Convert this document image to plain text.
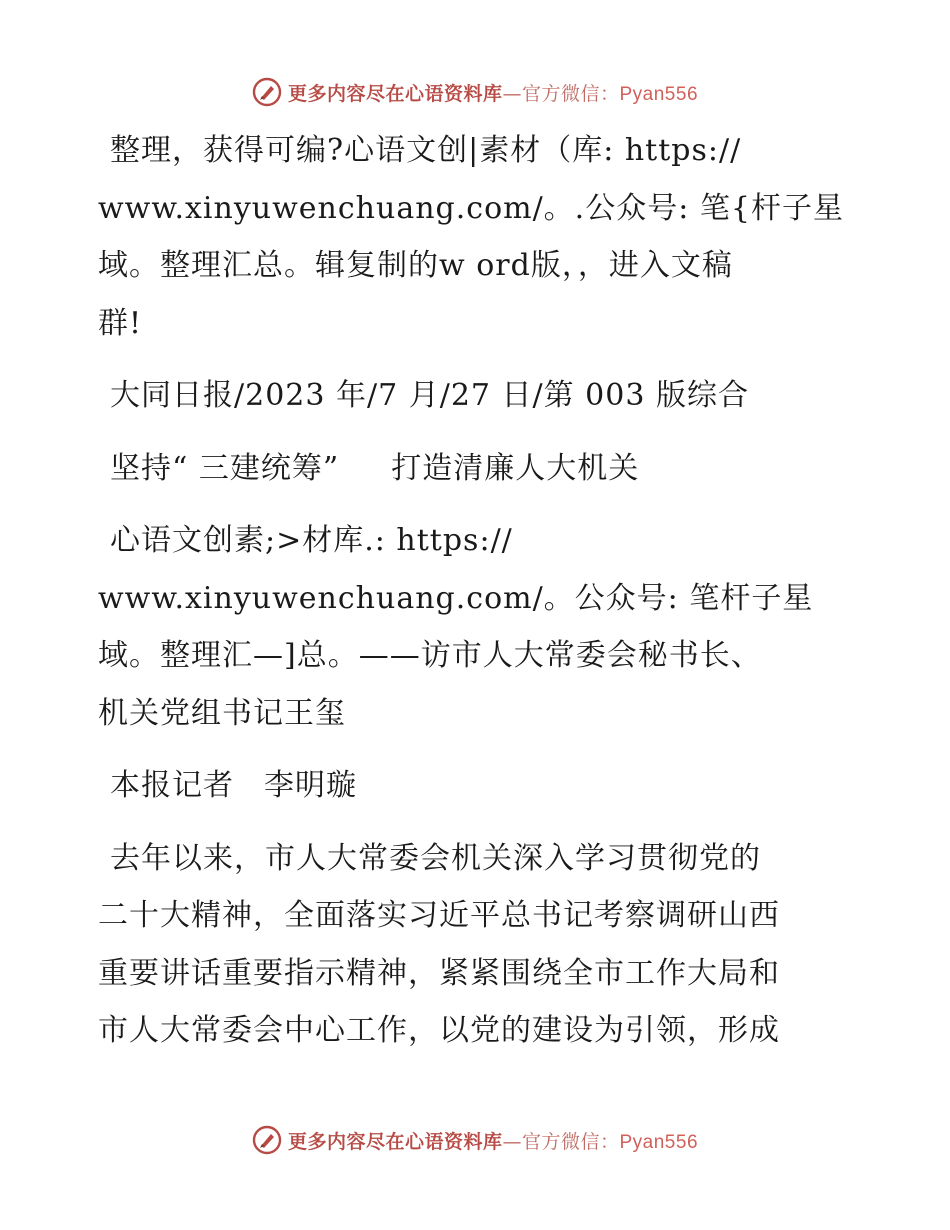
更多内容尽在心语资料库—官方微信：Pyan556
整理，获得可编?心语文创|素材（库: https://
www.xinyuwenchuang.com/。.公众号: 笔{杆子星
域。整理汇总。辑复制的w ord版，，进入文稿
群!
大同日报/2023 年/7 月/27 日/第 003 版综合
坚持“ 三建统筹” 打造清廉人大机关
心语文创素;>材库.: https://
www.xinyuwenchuang.com/。公众号: 笔杆子星
域。整理汇—]总。——访市人大常委会秘书长、
机关党组书记王玺
本报记者 李明璇
去年以来，市人大常委会机关深入学习贯彻党的
二十大精神，全面落实习近平总书记考察调研山西
重要讲话重要指示精神，紧紧围绕全市工作大局和
市人大常委会中心工作，以党的建设为引领，形成
更多内容尽在心语资料库—官方微信：Pyan556
